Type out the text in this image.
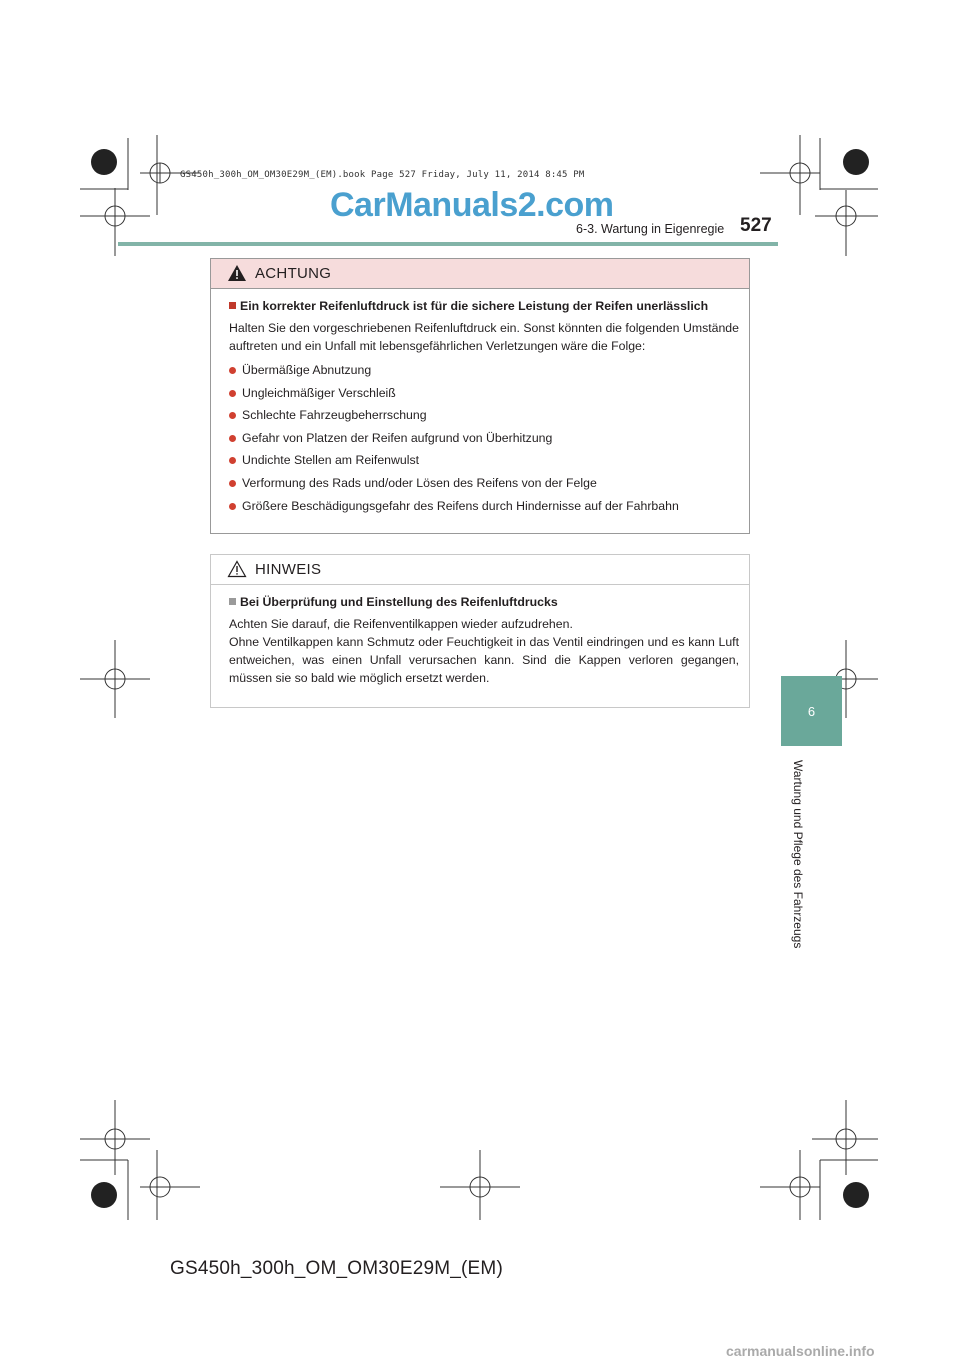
GS450h_300h_OM_OM30E29M_(EM).book Page 527 Friday, July 11, 2014 8:45 PM
CarManuals2.com
6-3. Wartung in Eigenregie 527
6
Wartung und Pflege des Fahrzeugs
ACHTUNG
Ein korrekter Reifenluftdruck ist für die sichere Leistung der Reifen unerlässlich
Halten Sie den vorgeschriebenen Reifenluftdruck ein. Sonst könnten die folgenden Umstände auftreten und ein Unfall mit lebensgefährlichen Verletzungen wäre die Folge:
Übermäßige Abnutzung
Ungleichmäßiger Verschleiß
Schlechte Fahrzeugbeherrschung
Gefahr von Platzen der Reifen aufgrund von Überhitzung
Undichte Stellen am Reifenwulst
Verformung des Rads und/oder Lösen des Reifens von der Felge
Größere Beschädigungsgefahr des Reifens durch Hindernisse auf der Fahrbahn
HINWEIS
Bei Überprüfung und Einstellung des Reifenluftdrucks
Achten Sie darauf, die Reifenventilkappen wieder aufzudrehen.
Ohne Ventilkappen kann Schmutz oder Feuchtigkeit in das Ventil eindringen und es kann Luft entweichen, was einen Unfall verursachen kann. Sind die Kappen verloren gegangen, müssen sie so bald wie möglich ersetzt werden.
GS450h_300h_OM_OM30E29M_(EM)
carmanualsonline.info
